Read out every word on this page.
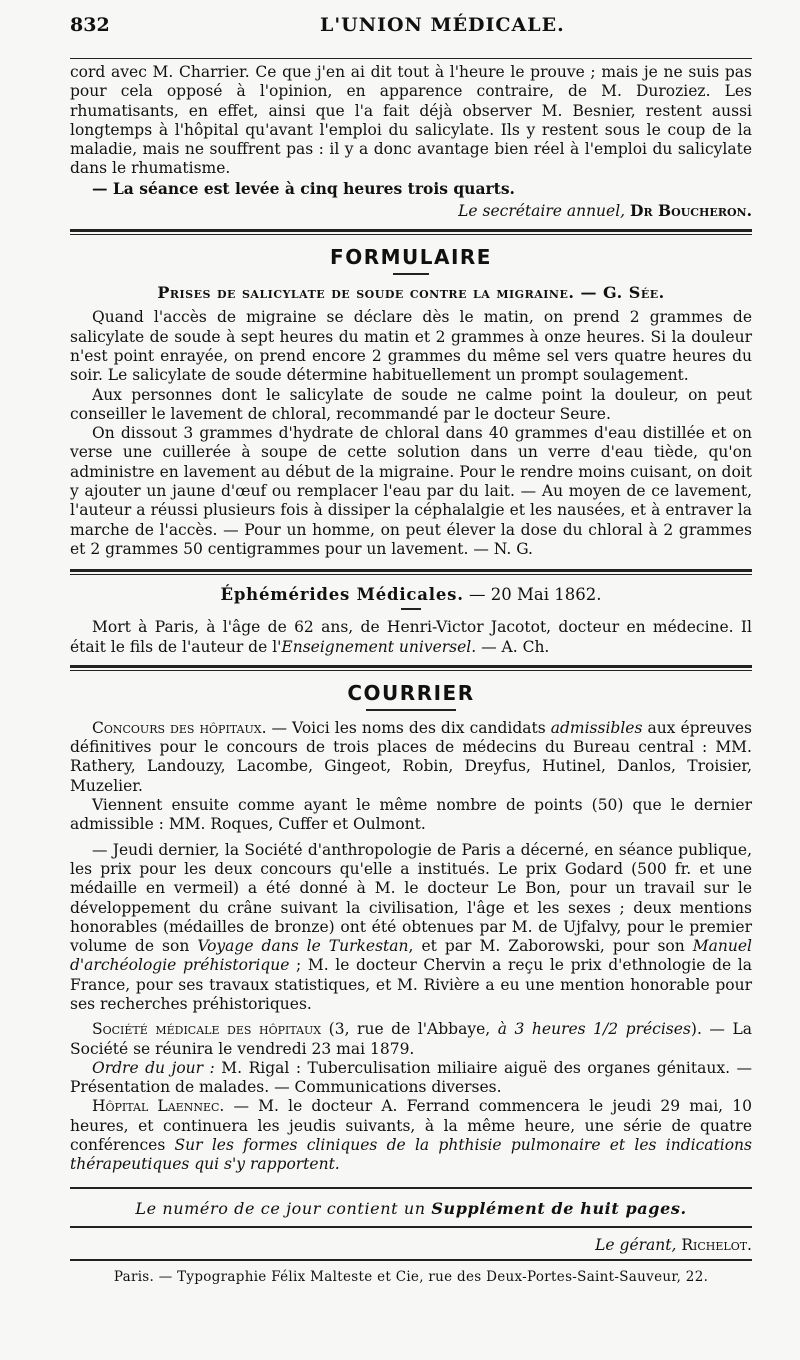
832	L'UNION MÉDICALE.

cord avec M. Charrier. Ce que j'en ai dit tout à l'heure le prouve ; mais je ne suis pas pour cela opposé à l'opinion, en apparence contraire, de M. Duroziez. Les rhumatisants, en effet, ainsi que l'a fait déjà observer M. Besnier, restent aussi longtemps à l'hôpital qu'avant l'emploi du salicylate. Ils y restent sous le coup de la maladie, mais ne souffrent pas : il y a donc avantage bien réel à l'emploi du salicylate dans le rhumatisme.

— La séance est levée à cinq heures trois quarts.

Le secrétaire annuel, Dr Boucheron.

FORMULAIRE
Prises de salicylate de soude contre la migraine. — G. Sée.

Quand l'accès de migraine se déclare dès le matin, on prend 2 grammes de salicylate de soude à sept heures du matin et 2 grammes à onze heures. Si la douleur n'est point enrayée, on prend encore 2 grammes du même sel vers quatre heures du soir. Le salicylate de soude détermine habituellement un prompt soulagement.

Aux personnes dont le salicylate de soude ne calme point la douleur, on peut conseiller le lavement de chloral, recommandé par le docteur Seure.

On dissout 3 grammes d'hydrate de chloral dans 40 grammes d'eau distillée et on verse une cuillerée à soupe de cette solution dans un verre d'eau tiède, qu'on administre en lavement au début de la migraine. Pour le rendre moins cuisant, on doit y ajouter un jaune d'œuf ou remplacer l'eau par du lait. — Au moyen de ce lavement, l'auteur a réussi plusieurs fois à dissiper la céphalalgie et les nausées, et à entraver la marche de l'accès. — Pour un homme, on peut élever la dose du chloral à 2 grammes et 2 grammes 50 centigrammes pour un lavement. — N. G.

Éphémérides Médicales. — 20 Mai 1862.

Mort à Paris, à l'âge de 62 ans, de Henri-Victor Jacotot, docteur en médecine. Il était le fils de l'auteur de l'Enseignement universel. — A. Ch.

COURRIER

Concours des hôpitaux. — Voici les noms des dix candidats admissibles aux épreuves définitives pour le concours de trois places de médecins du Bureau central : MM. Rathery, Landouzy, Lacombe, Gingeot, Robin, Dreyfus, Hutinel, Danlos, Troisier, Muzelier.

Viennent ensuite comme ayant le même nombre de points (50) que le dernier admissible : MM. Roques, Cuffer et Oulmont.

— Jeudi dernier, la Société d'anthropologie de Paris a décerné, en séance publique, les prix pour les deux concours qu'elle a institués. Le prix Godard (500 fr. et une médaille en vermeil) a été donné à M. le docteur Le Bon, pour un travail sur le développement du crâne suivant la civilisation, l'âge et les sexes ; deux mentions honorables (médailles de bronze) ont été obtenues par M. de Ujfalvy, pour le premier volume de son Voyage dans le Turkestan, et par M. Zaborowski, pour son Manuel d'archéologie préhistorique ; M. le docteur Chervin a reçu le prix d'ethnologie de la France, pour ses travaux statistiques, et M. Rivière a eu une mention honorable pour ses recherches préhistoriques.

Société médicale des hôpitaux (3, rue de l'Abbaye, à 3 heures 1/2 précises). — La Société se réunira le vendredi 23 mai 1879.

Ordre du jour : M. Rigal : Tuberculisation miliaire aiguë des organes génitaux. — Présentation de malades. — Communications diverses.

Hôpital Laennec. — M. le docteur A. Ferrand commencera le jeudi 29 mai, 10 heures, et continuera les jeudis suivants, à la même heure, une série de quatre conférences Sur les formes cliniques de la phthisie pulmonaire et les indications thérapeutiques qui s'y rapportent.

Le numéro de ce jour contient un Supplément de huit pages.

Le gérant, Richelot.

Paris. — Typographie Félix Malteste et Cie, rue des Deux-Portes-Saint-Sauveur, 22.
